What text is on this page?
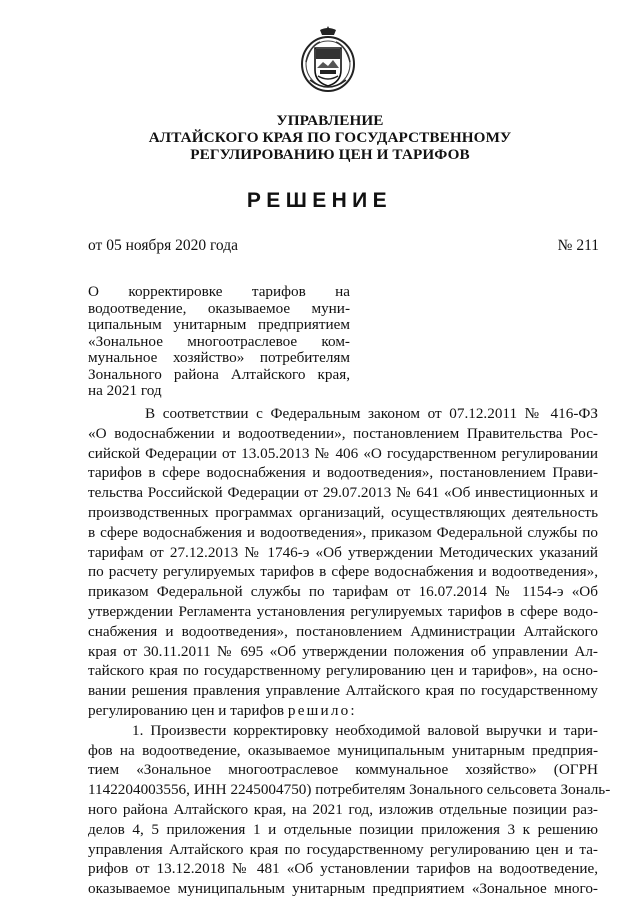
УПРАВЛЕНИЕ
АЛТАЙСКОГО КРАЯ ПО ГОСУДАРСТВЕННОМУ
РЕГУЛИРОВАНИЮ ЦЕН И ТАРИФОВ
РЕШЕНИЕ
от 05 ноября 2020 года	№ 211
О корректировке тарифов на
водоотведение, оказываемое муни-
ципальным унитарным предприятием
«Зональное многоотраслевое ком-
мунальное хозяйство» потребителям
Зонального района Алтайского края,
на 2021 год
В соответствии с Федеральным законом от 07.12.2011 № 416-ФЗ
«О водоснабжении и водоотведении», постановлением Правительства Рос-
сийской Федерации от 13.05.2013 № 406 «О государственном регулировании
тарифов в сфере водоснабжения и водоотведения», постановлением Прави-
тельства Российской Федерации от 29.07.2013 № 641 «Об инвестиционных и
производственных программах организаций, осуществляющих деятельность
в сфере водоснабжения и водоотведения», приказом Федеральной службы по
тарифам от 27.12.2013 № 1746-э «Об утверждении Методических указаний
по расчету регулируемых тарифов в сфере водоснабжения и водоотведения»,
приказом Федеральной службы по тарифам от 16.07.2014 № 1154-э «Об
утверждении Регламента установления регулируемых тарифов в сфере водо-
снабжения и водоотведения», постановлением Администрации Алтайского
края от 30.11.2011 № 695 «Об утверждении положения об управлении Ал-
тайского края по государственному регулированию цен и тарифов», на осно-
вании решения правления управление Алтайского края по государственному
регулированию цен и тарифов решило:
1. Произвести корректировку необходимой валовой выручки и тари-
фов на водоотведение, оказываемое муниципальным унитарным предприя-
тием «Зональное многоотраслевое коммунальное хозяйство» (ОГРН
1142204003556, ИНН 2245004750) потребителям Зонального сельсовета Зональ-
ного района Алтайского края, на 2021 год, изложив отдельные позиции раз-
делов 4, 5 приложения 1 и отдельные позиции приложения 3 к решению
управления Алтайского края по государственному регулированию цен и та-
рифов от 13.12.2018 № 481 «Об установлении тарифов на водоотведение,
оказываемое муниципальным унитарным предприятием «Зональное много-
